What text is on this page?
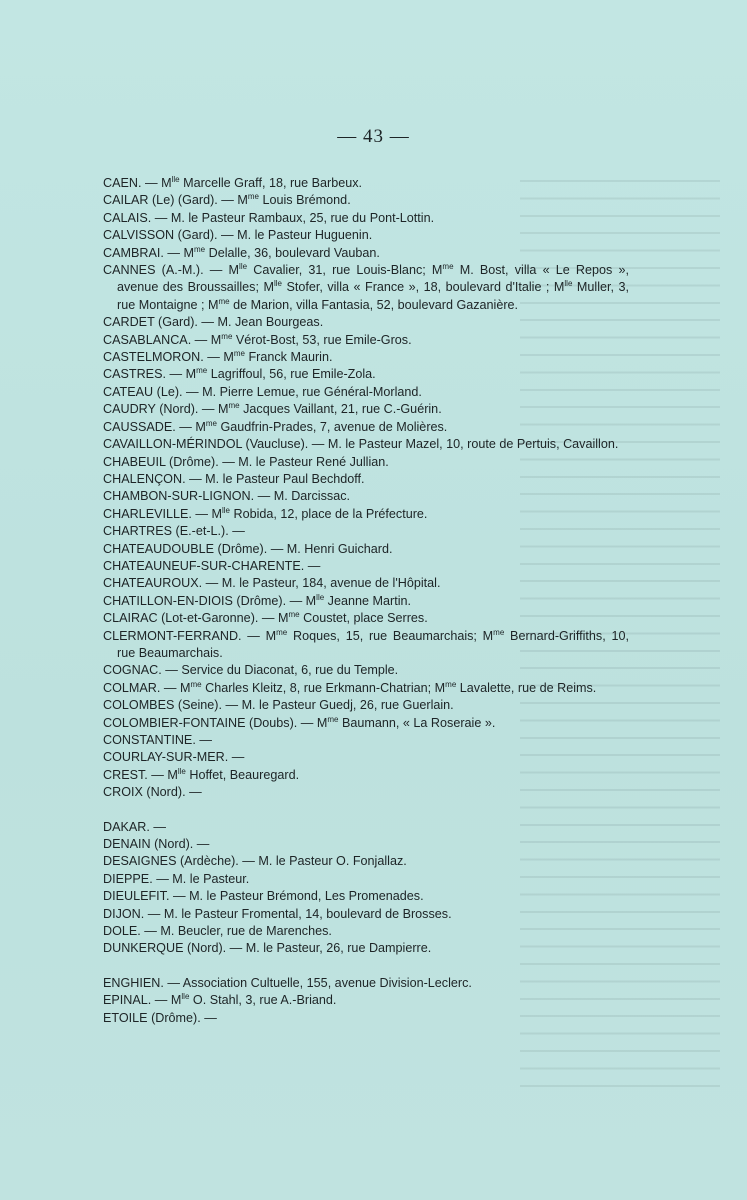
— 43 —
CAEN. — $M^{lle}$ Marcelle Graff, 18, rue Barbeux.
CAILAR (Le) (Gard). — $M^{me}$ Louis Brémond.
CALAIS. — M. le Pasteur Rambaux, 25, rue du Pont-Lottin.
CALVISSON (Gard). — M. le Pasteur Huguenin.
CAMBRAI. — $M^{me}$ Delalle, 36, boulevard Vauban.
CANNES (A.-M.). — $M^{lle}$ Cavalier, 31, rue Louis-Blanc; $M^{me}$ M. Bost, villa « Le Repos », avenue des Broussailles; $M^{lle}$ Stofer, villa « France », 18, boulevard d'Italie ; $M^{lle}$ Muller, 3, rue Montaigne ; $M^{me}$ de Marion, villa Fantasia, 52, boulevard Gazanière.
CARDET (Gard). — M. Jean Bourgeas.
CASABLANCA. — $M^{me}$ Vérot-Bost, 53, rue Emile-Gros.
CASTELMORON. — $M^{me}$ Franck Maurin.
CASTRES. — $M^{me}$ Lagriffoul, 56, rue Emile-Zola.
CATEAU (Le). — M. Pierre Lemue, rue Général-Morland.
CAUDRY (Nord). — $M^{me}$ Jacques Vaillant, 21, rue C.-Guérin.
CAUSSADE. — $M^{me}$ Gaudfrin-Prades, 7, avenue de Molières.
CAVAILLON-MÉRINDOL (Vaucluse). — M. le Pasteur Mazel, 10, route de Pertuis, Cavaillon.
CHABEUIL (Drôme). — M. le Pasteur René Jullian.
CHALENÇON. — M. le Pasteur Paul Bechdoff.
CHAMBON-SUR-LIGNON. — M. Darcissac.
CHARLEVILLE. — $M^{lle}$ Robida, 12, place de la Préfecture.
CHARTRES (E.-et-L.). —
CHATEAUDOUBLE (Drôme). — M. Henri Guichard.
CHATEAUNEUF-SUR-CHARENTE. —
CHATEAUROUX. — M. le Pasteur, 184, avenue de l'Hôpital.
CHATILLON-EN-DIOIS (Drôme). — $M^{lle}$ Jeanne Martin.
CLAIRAC (Lot-et-Garonne). — $M^{me}$ Coustet, place Serres.
CLERMONT-FERRAND. — $M^{me}$ Roques, 15, rue Beaumarchais; $M^{me}$ Bernard-Griffiths, 10, rue Beaumarchais.
COGNAC. — Service du Diaconat, 6, rue du Temple.
COLMAR. — $M^{me}$ Charles Kleitz, 8, rue Erkmann-Chatrian; $M^{me}$ Lavalette, rue de Reims.
COLOMBES (Seine). — M. le Pasteur Guedj, 26, rue Guerlain.
COLOMBIER-FONTAINE (Doubs). — $M^{me}$ Baumann, « La Roseraie ».
CONSTANTINE. —
COURLAY-SUR-MER. —
CREST. — $M^{lle}$ Hoffet, Beauregard.
CROIX (Nord). —
DAKAR. —
DENAIN (Nord). —
DESAIGNES (Ardèche). — M. le Pasteur O. Fonjallaz.
DIEPPE. — M. le Pasteur.
DIEULEFIT. — M. le Pasteur Brémond, Les Promenades.
DIJON. — M. le Pasteur Fromental, 14, boulevard de Brosses.
DOLE. — M. Beucler, rue de Marenches.
DUNKERQUE (Nord). — M. le Pasteur, 26, rue Dampierre.
ENGHIEN. — Association Cultuelle, 155, avenue Division-Leclerc.
EPINAL. — $M^{lle}$ O. Stahl, 3, rue A.-Briand.
ETOILE (Drôme). —
